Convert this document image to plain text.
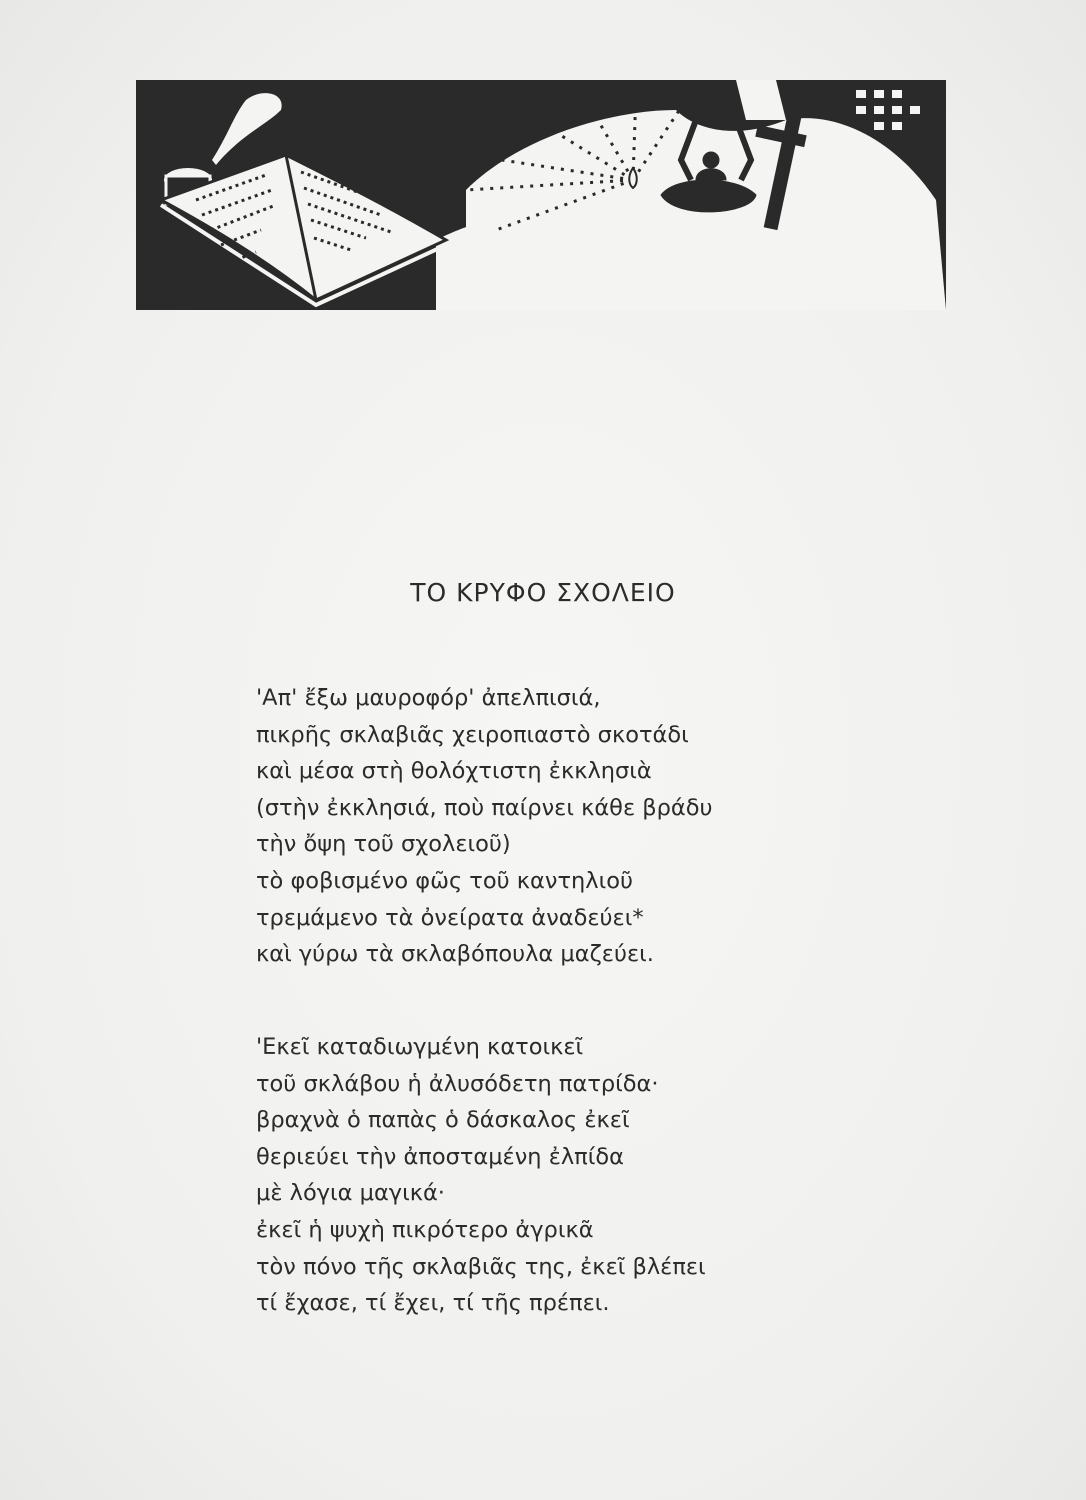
ΤΟ ΚΡΥΦΟ ΣΧΟΛΕΙΟ
'Απ' ἔξω μαυροφόρ' ἀπελπισιά,
πικρῆς σκλαβιᾶς χειροπιαστὸ σκοτάδι
καὶ μέσα στὴ θολόχτιστη ἐκκλησιὰ
(στὴν ἐκκλησιά, ποὺ παίρνει κάθε βράδυ
τὴν ὄψη τοῦ σχολειοῦ)
τὸ φοβισμένο φῶς τοῦ καντηλιοῦ
τρεμάμενο τὰ ὀνείρατα ἀναδεύει*
καὶ γύρω τὰ σκλαβόπουλα μαζεύει.
'Εκεῖ καταδιωγμένη κατοικεῖ
τοῦ σκλάβου ἡ ἀλυσόδετη πατρίδα·
βραχνὰ ὁ παπὰς ὁ δάσκαλος ἐκεῖ
θεριεύει τὴν ἀποσταμένη ἐλπίδα
μὲ λόγια μαγικά·
ἐκεῖ ἡ ψυχὴ πικρότερο ἀγρικᾶ
τὸν πόνο τῆς σκλαβιᾶς της, ἐκεῖ βλέπει
τί ἔχασε, τί ἔχει, τί τῆς πρέπει.
